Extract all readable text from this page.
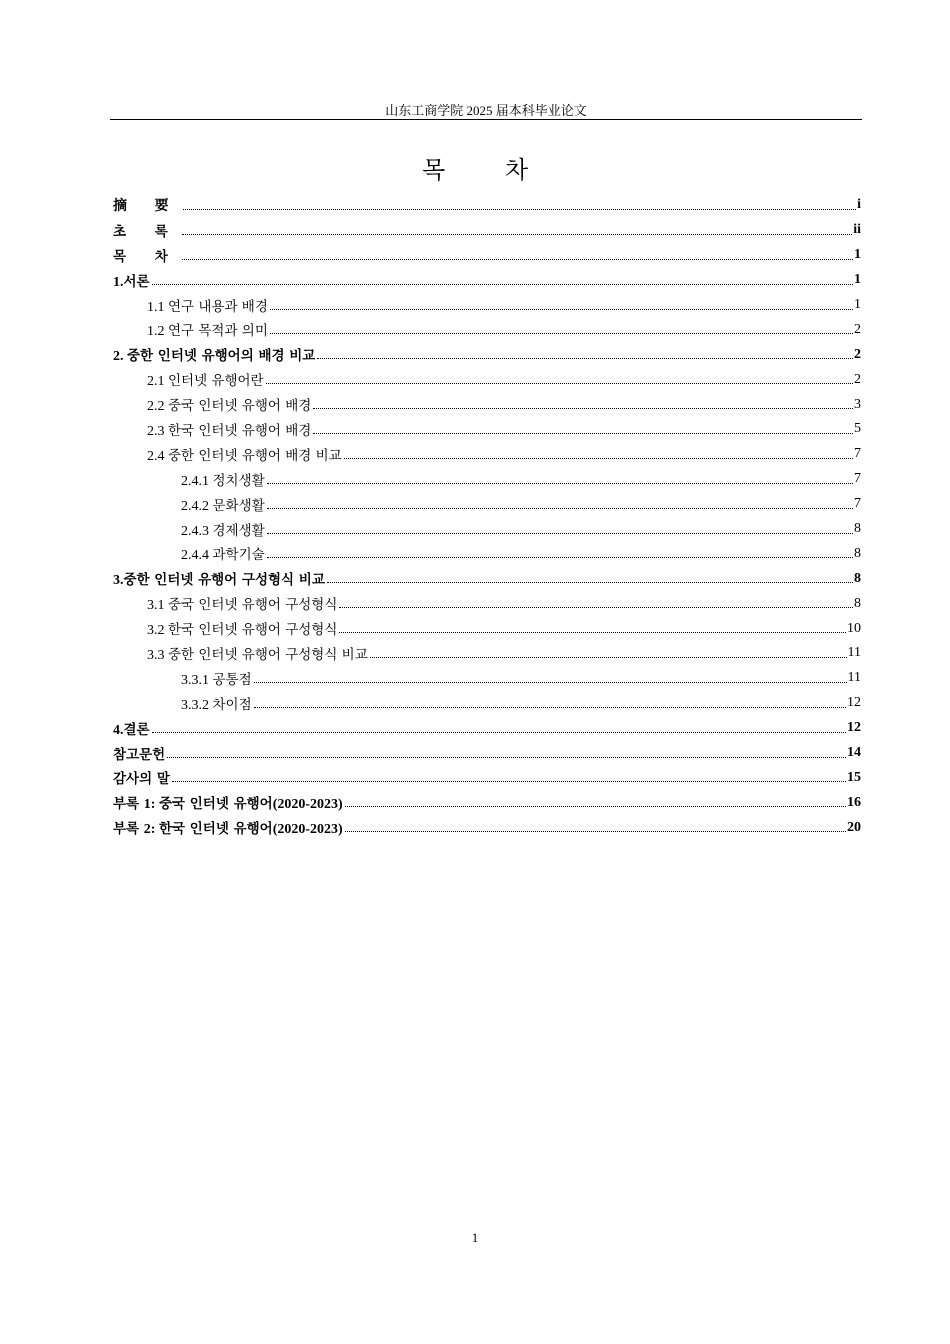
山东工商学院 2025 届本科毕业论文
목 차
摘 要	i
초 록	ii
목 차	1
1.서론	1
1.1 연구 내용과 배경	1
1.2 연구 목적과 의미	2
2. 중한 인터넷 유행어의 배경 비교	2
2.1 인터넷 유행어란	2
2.2 중국 인터넷 유행어 배경	3
2.3 한국 인터넷 유행어 배경	5
2.4 중한 인터넷 유행어 배경 비교	7
2.4.1 정치생활	7
2.4.2 문화생활	7
2.4.3 경제생활	8
2.4.4 과학기술	8
3.중한 인터넷 유행어 구성형식 비교	8
3.1 중국 인터넷 유행어 구성형식	8
3.2 한국 인터넷 유행어 구성형식	10
3.3 중한 인터넷 유행어 구성형식 비교	11
3.3.1 공통점	11
3.3.2 차이점	12
4.결론	12
참고문헌	14
감사의 말	15
부록 1: 중국 인터넷 유행어(2020-2023)	16
부록 2: 한국 인터넷 유행어(2020-2023)	20
1
